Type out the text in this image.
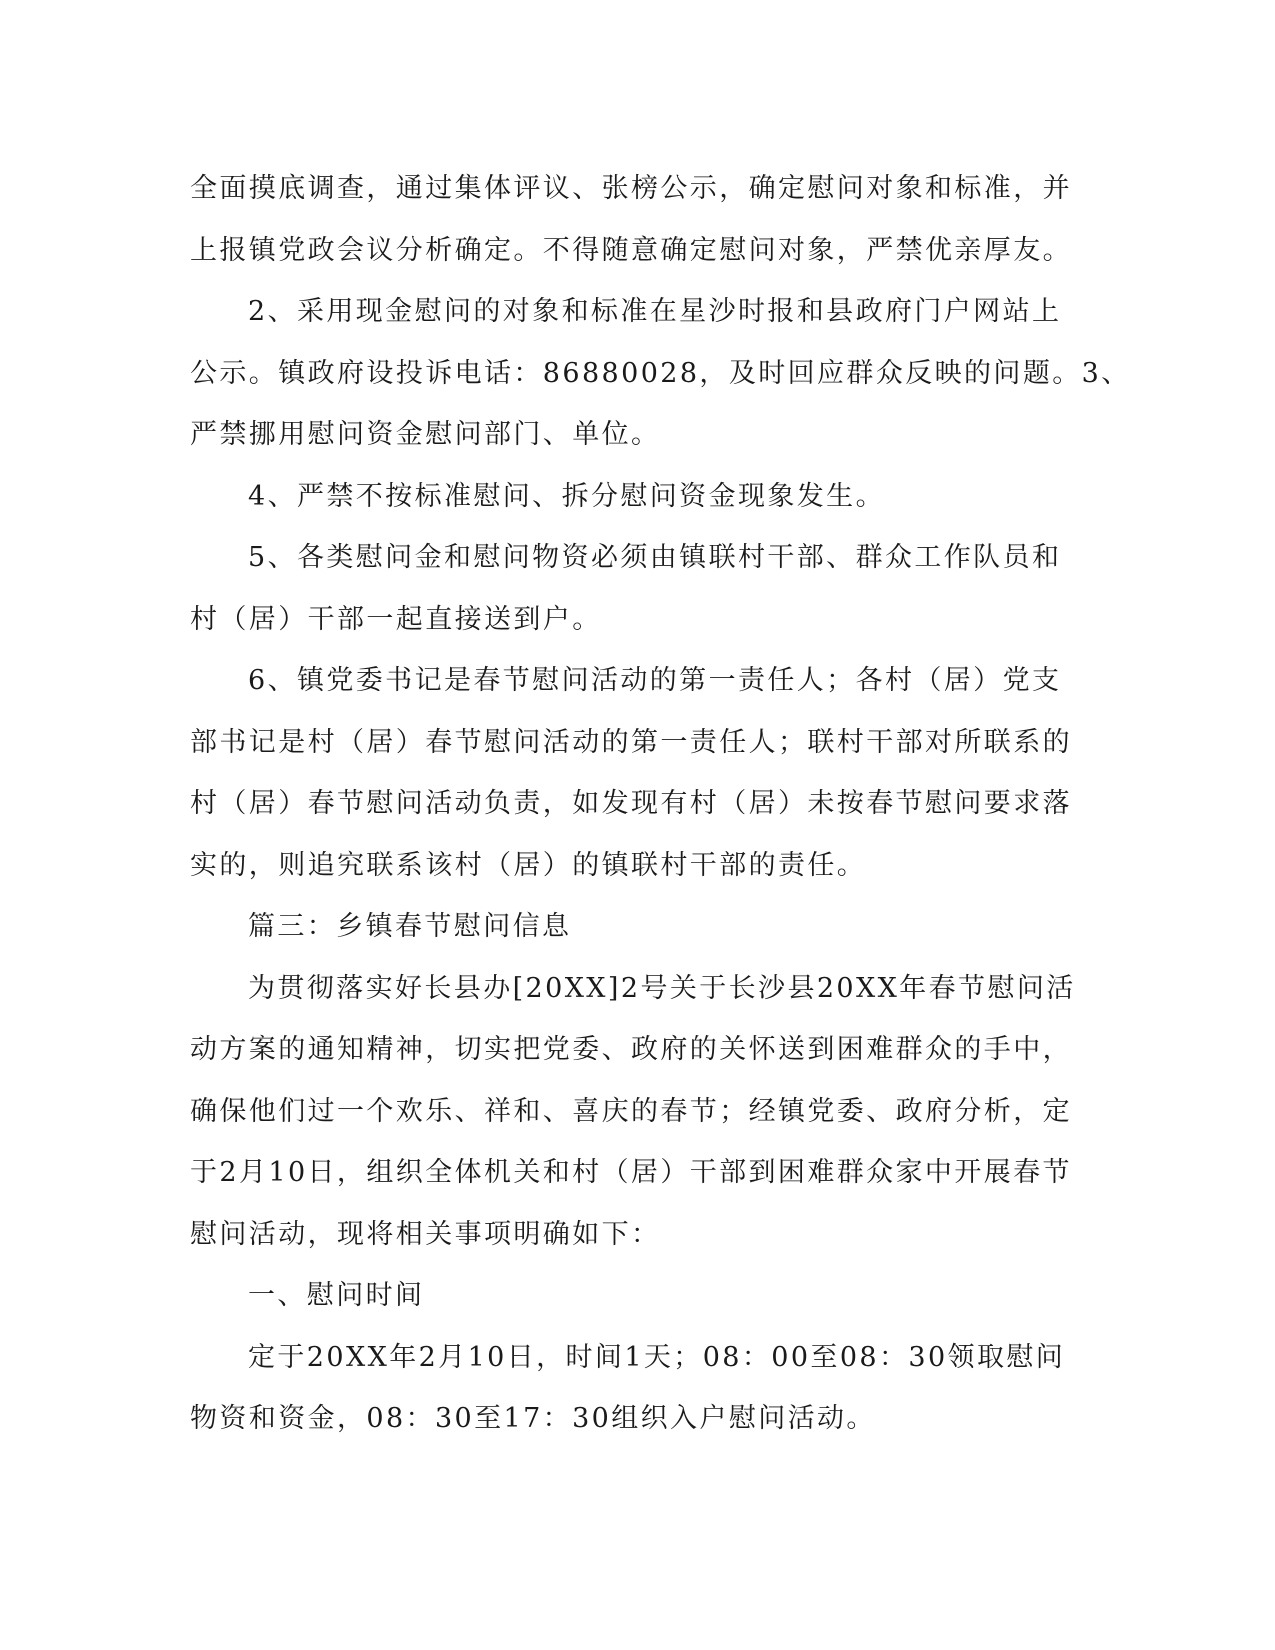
全面摸底调查，通过集体评议、张榜公示，确定慰问对象和标准，并
上报镇党政会议分析确定。不得随意确定慰问对象，严禁优亲厚友。

2、采用现金慰问的对象和标准在星沙时报和县政府门户网站上
公示。镇政府设投诉电话：86880028，及时回应群众反映的问题。3、
严禁挪用慰问资金慰问部门、单位。

4、严禁不按标准慰问、拆分慰问资金现象发生。

5、各类慰问金和慰问物资必须由镇联村干部、群众工作队员和
村（居）干部一起直接送到户。

6、镇党委书记是春节慰问活动的第一责任人；各村（居）党支
部书记是村（居）春节慰问活动的第一责任人；联村干部对所联系的
村（居）春节慰问活动负责，如发现有村（居）未按春节慰问要求落
实的，则追究联系该村（居）的镇联村干部的责任。

篇三：乡镇春节慰问信息

为贯彻落实好长县办[20XX]2号关于长沙县20XX年春节慰问活
动方案的通知精神，切实把党委、政府的关怀送到困难群众的手中，
确保他们过一个欢乐、祥和、喜庆的春节；经镇党委、政府分析，定
于2月10日，组织全体机关和村（居）干部到困难群众家中开展春节
慰问活动，现将相关事项明确如下：

一、慰问时间

定于20XX年2月10日，时间1天；08：00至08：30领取慰问
物资和资金，08：30至17：30组织入户慰问活动。
